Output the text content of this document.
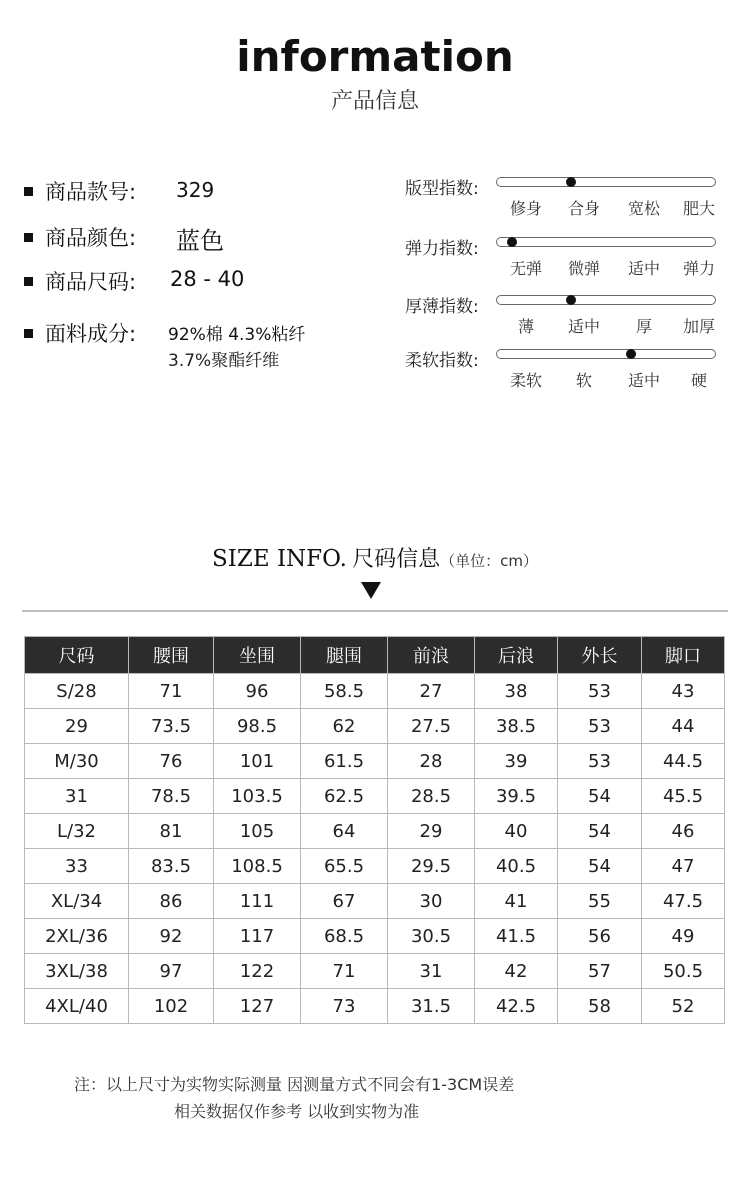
information
产品信息
商品款号: 329
商品颜色: 蓝色
商品尺码: 28 - 40
面料成分: 92%棉 4.3%粘纤
3.7%聚酯纤维
版型指数:
修身 合身 宽松 肥大
弹力指数:
无弹 微弹 适中 弹力
厚薄指数:
薄 适中 厚 加厚
柔软指数:
柔软 软 适中 硬
SIZE INFO. 尺码信息（单位：cm）
尺码	腰围	坐围	腿围	前浪	后浪	外长	脚口
S/28	71	96	58.5	27	38	53	43
29	73.5	98.5	62	27.5	38.5	53	44
M/30	76	101	61.5	28	39	53	44.5
31	78.5	103.5	62.5	28.5	39.5	54	45.5
L/32	81	105	64	29	40	54	46
33	83.5	108.5	65.5	29.5	40.5	54	47
XL/34	86	111	67	30	41	55	47.5
2XL/36	92	117	68.5	30.5	41.5	56	49
3XL/38	97	122	71	31	42	57	50.5
4XL/40	102	127	73	31.5	42.5	58	52
注：以上尺寸为实物实际测量 因测量方式不同会有1-3CM误差
相关数据仅作参考 以收到实物为准
